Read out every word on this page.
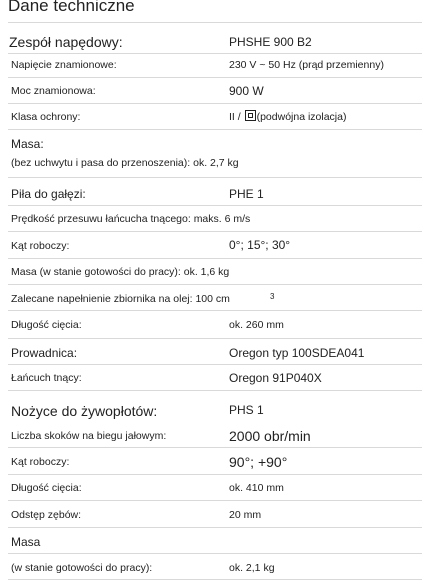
Dane techniczne
Zespół napędowy:	PHSHE 900 B2
Napięcie znamionowe:	230 V ~ 50 Hz (prąd przemienny)
Moc znamionowa:	900 W
Klasa ochrony:	II / (podwójna izolacja)
Masa:
(bez uchwytu i pasa do przenoszenia): ok. 2,7 kg
Piła do gałęzi:	PHE 1
Prędkość przesuwu łańcucha tnącego: maks. 6 m/s
Kąt roboczy:	0°; 15°; 30°
Masa (w stanie gotowości do pracy): ok. 1,6 kg
Zalecane napełnienie zbiornika na olej: 100 cm	3
Długość cięcia:	ok. 260 mm
Prowadnica:	Oregon typ 100SDEA041
Łańcuch tnący:	Oregon 91P040X
Nożyce do żywopłotów:	PHS 1
Liczba skoków na biegu jałowym:	2000 obr/min
Kąt roboczy:	90°; +90°
Długość cięcia:	ok. 410 mm
Odstęp zębów:	20 mm
Masa
(w stanie gotowości do pracy):	ok. 2,1 kg
